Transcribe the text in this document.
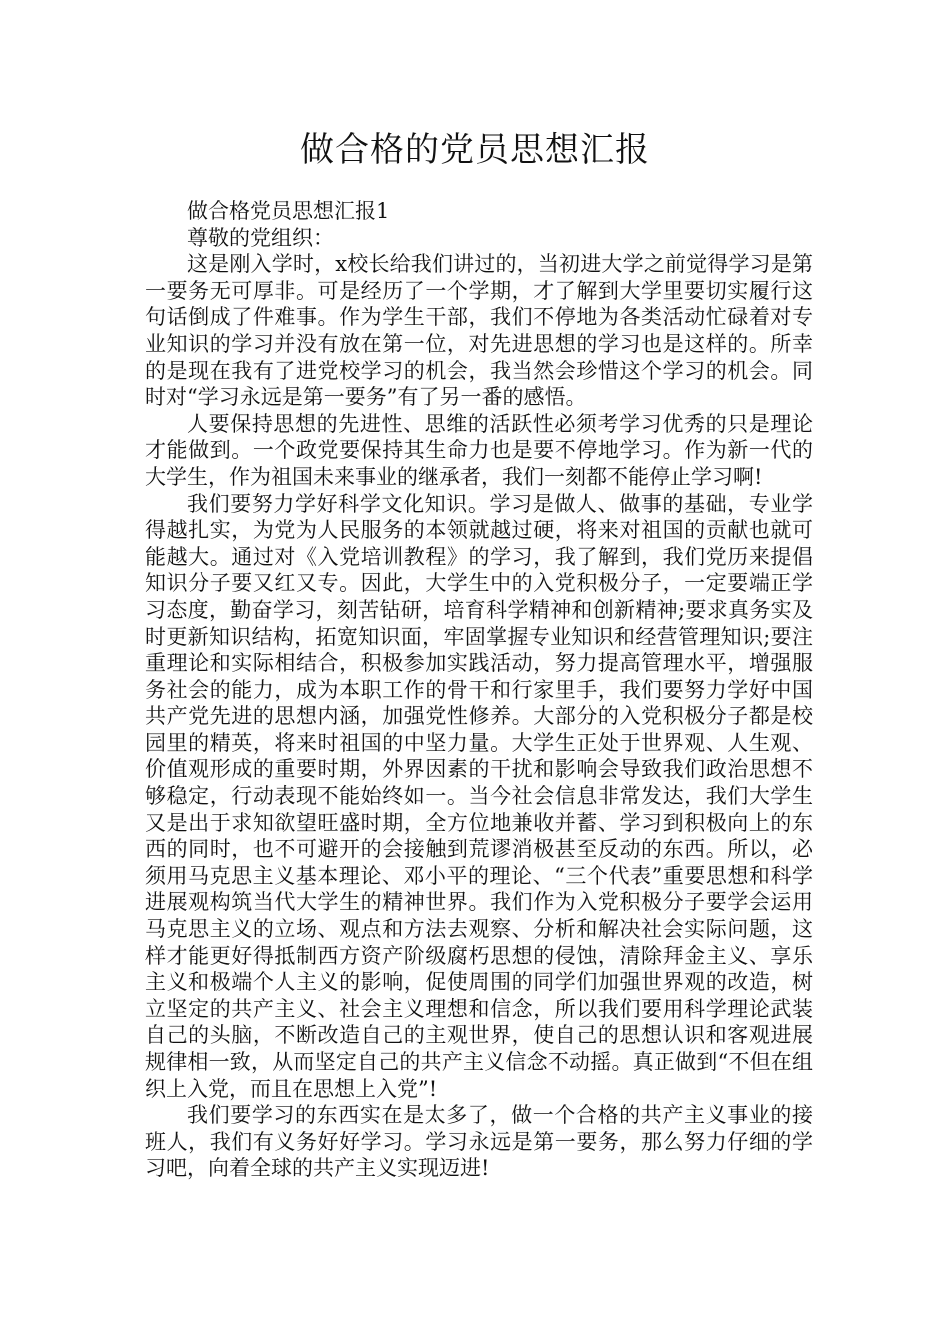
做合格的党员思想汇报

做合格党员思想汇报1

尊敬的党组织：

这是刚入学时，x校长给我们讲过的，当初进大学之前觉得学习是第一要务无可厚非。可是经历了一个学期，才了解到大学里要切实履行这句话倒成了件难事。作为学生干部，我们不停地为各类活动忙碌着对专业知识的学习并没有放在第一位，对先进思想的学习也是这样的。所幸的是现在我有了进党校学习的机会，我当然会珍惜这个学习的机会。同时对“学习永远是第一要务”有了另一番的感悟。

人要保持思想的先进性、思维的活跃性必须考学习优秀的只是理论才能做到。一个政党要保持其生命力也是要不停地学习。作为新一代的大学生，作为祖国未来事业的继承者，我们一刻都不能停止学习啊!

我们要努力学好科学文化知识。学习是做人、做事的基础，专业学得越扎实，为党为人民服务的本领就越过硬，将来对祖国的贡献也就可能越大。通过对《入党培训教程》的学习，我了解到，我们党历来提倡知识分子要又红又专。因此，大学生中的入党积极分子，一定要端正学习态度，勤奋学习，刻苦钻研，培育科学精神和创新精神;要求真务实及时更新知识结构，拓宽知识面，牢固掌握专业知识和经营管理知识;要注重理论和实际相结合，积极参加实践活动，努力提高管理水平，增强服务社会的能力，成为本职工作的骨干和行家里手，我们要努力学好中国共产党先进的思想内涵，加强党性修养。大部分的入党积极分子都是校园里的精英，将来时祖国的中坚力量。大学生正处于世界观、人生观、价值观形成的重要时期，外界因素的干扰和影响会导致我们政治思想不够稳定，行动表现不能始终如一。当今社会信息非常发达，我们大学生又是出于求知欲望旺盛时期，全方位地兼收并蓄、学习到积极向上的东西的同时，也不可避开的会接触到荒谬消极甚至反动的东西。所以，必须用马克思主义基本理论、邓小平的理论、“三个代表”重要思想和科学进展观构筑当代大学生的精神世界。我们作为入党积极分子要学会运用马克思主义的立场、观点和方法去观察、分析和解决社会实际问题，这样才能更好得抵制西方资产阶级腐朽思想的侵蚀，清除拜金主义、享乐主义和极端个人主义的影响，促使周围的同学们加强世界观的改造，树立坚定的共产主义、社会主义理想和信念，所以我们要用科学理论武装自己的头脑，不断改造自己的主观世界，使自己的思想认识和客观进展规律相一致，从而坚定自己的共产主义信念不动摇。真正做到“不但在组织上入党，而且在思想上入党”!

我们要学习的东西实在是太多了，做一个合格的共产主义事业的接班人，我们有义务好好学习。学习永远是第一要务，那么努力仔细的学习吧，向着全球的共产主义实现迈进!
